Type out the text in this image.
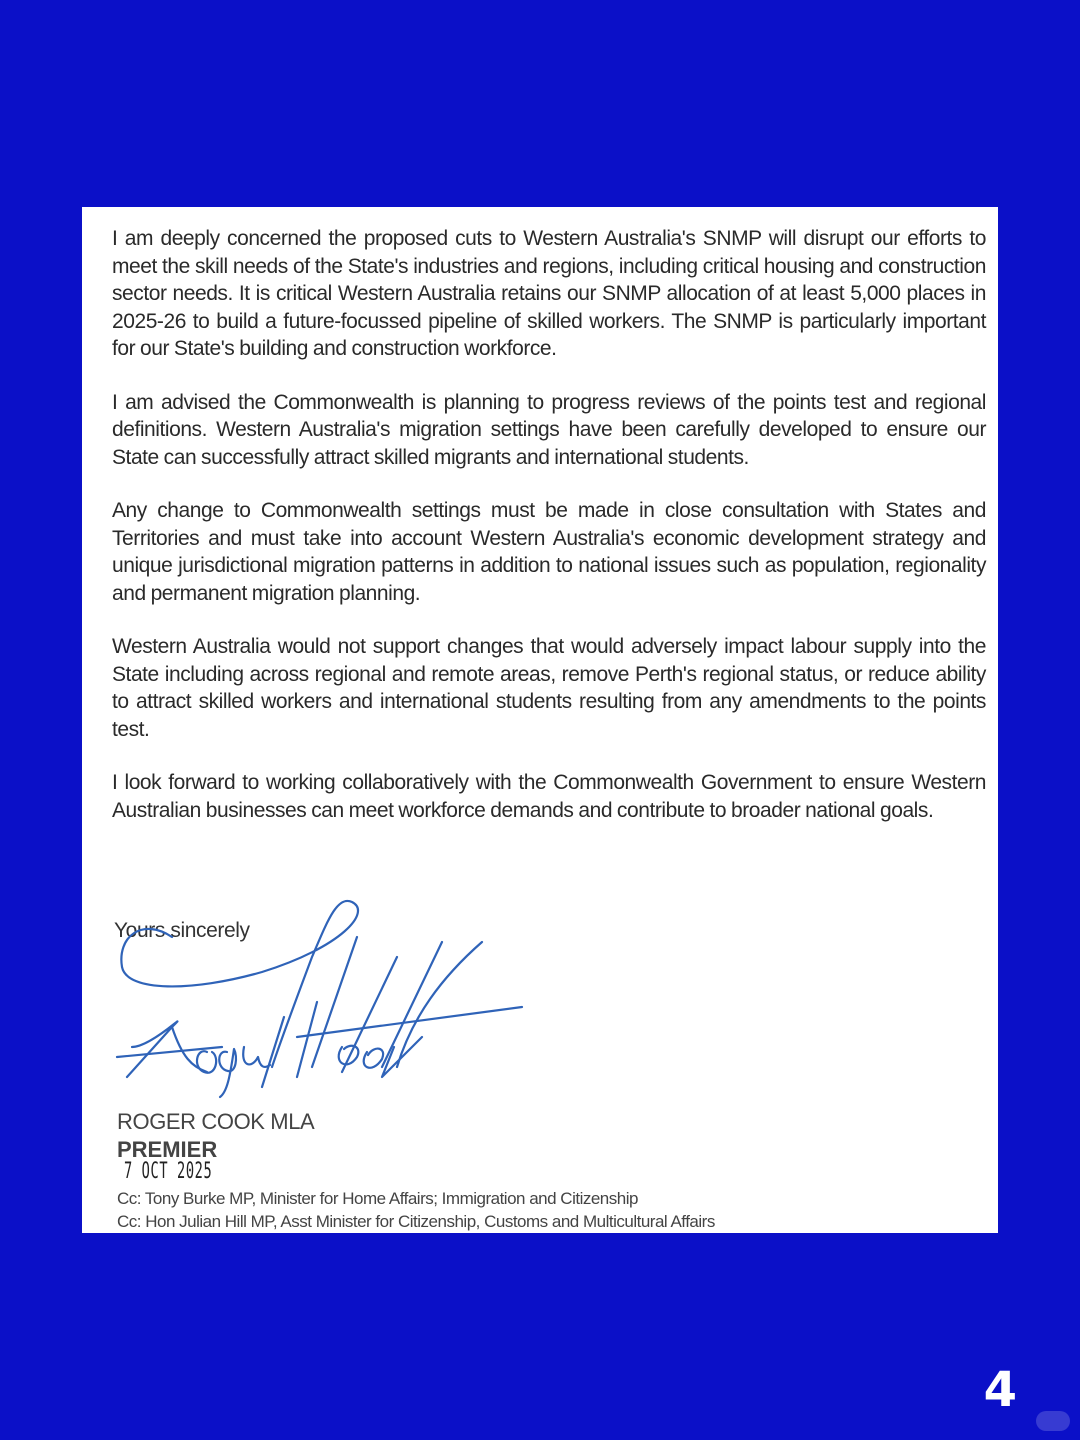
I am deeply concerned the proposed cuts to Western Australia's SNMP will disrupt our efforts to meet the skill needs of the State's industries and regions, including critical housing and construction sector needs. It is critical Western Australia retains our SNMP allocation of at least 5,000 places in 2025-26 to build a future-focussed pipeline of skilled workers. The SNMP is particularly important for our State's building and construction workforce.

I am advised the Commonwealth is planning to progress reviews of the points test and regional definitions. Western Australia's migration settings have been carefully developed to ensure our State can successfully attract skilled migrants and international students.

Any change to Commonwealth settings must be made in close consultation with States and Territories and must take into account Western Australia's economic development strategy and unique jurisdictional migration patterns in addition to national issues such as population, regionality and permanent migration planning.

Western Australia would not support changes that would adversely impact labour supply into the State including across regional and remote areas, remove Perth's regional status, or reduce ability to attract skilled workers and international students resulting from any amendments to the points test.

I look forward to working collaboratively with the Commonwealth Government to ensure Western Australian businesses can meet workforce demands and contribute to broader national goals.

Yours sincerely

ROGER COOK MLA

PREMIER

7 OCT 2025

Cc: Tony Burke MP, Minister for Home Affairs; Immigration and Citizenship

Cc: Hon Julian Hill MP, Asst Minister for Citizenship, Customs and Multicultural Affairs

4
